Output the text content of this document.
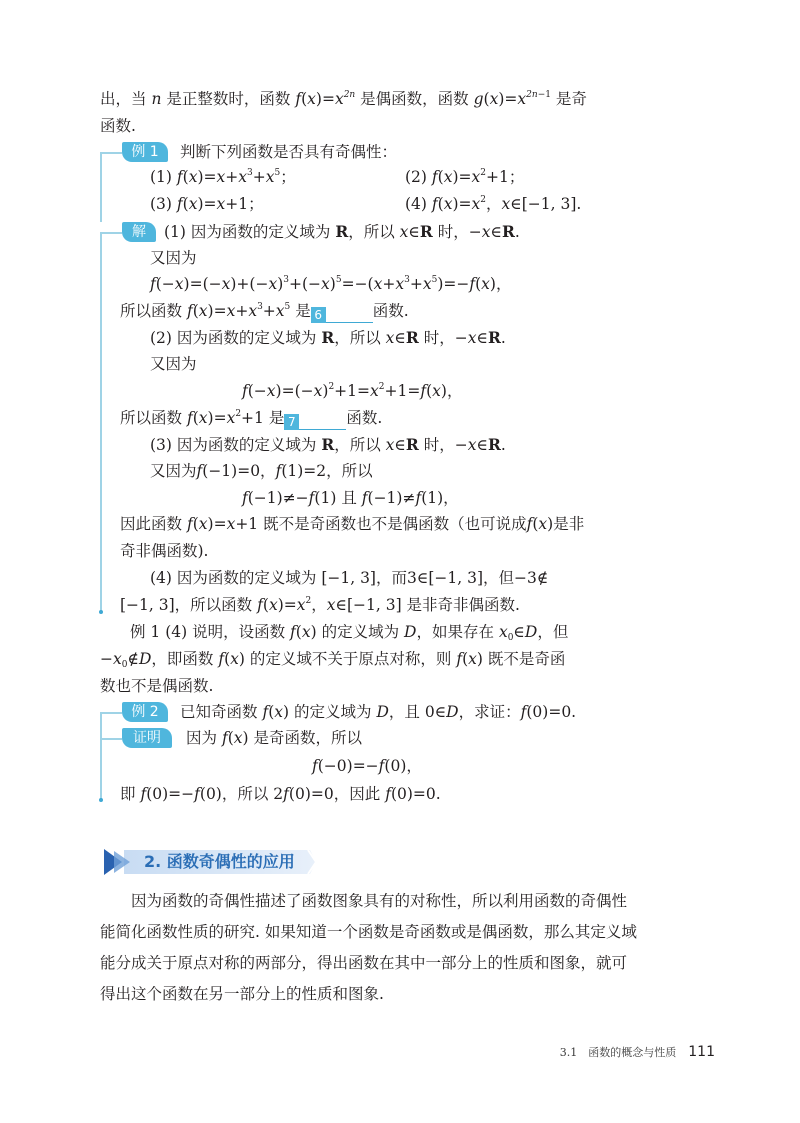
出，当 n 是正整数时，函数 $f(x)=x^{2n}$ 是偶函数，函数 $g(x)=x^{2n-1}$ 是奇
函数.
例 1	判断下列函数是否具有奇偶性：
(1) $f(x)=x+x^3+x^5$；	(2) $f(x)=x^2+1$；
(3) f(x)=x+1；	(4) $f(x)=x^2$，x∈[−1, 3].
解	(1) 因为函数的定义域为 R，所以 x∈R 时，−x∈R.
又因为
$f(-x)=(-x)+(-x)^3+(-x)^5=-(x+x^3+x^5)=-f(x)$，
所以函数 $f(x)=x+x^3+x^5$ 是 6	函数.
(2) 因为函数的定义域为 R，所以 x∈R 时，−x∈R.
又因为
$f(-x)=(-x)^2+1=x^2+1=f(x)$，
所以函数 $f(x)=x^2+1$ 是 7	函数.
(3) 因为函数的定义域为 R，所以 x∈R 时，−x∈R.
又因为f(−1)=0，f(1)=2，所以
f(−1)≠−f(1) 且 f(−1)≠f(1)，
因此函数 f(x)=x+1 既不是奇函数也不是偶函数（也可说成f(x)是非
奇非偶函数).
(4) 因为函数的定义域为 [−1, 3]，而3∈[−1, 3]，但−3∉
[−1, 3]，所以函数 $f(x)=x^2$，x∈[−1, 3] 是非奇非偶函数.
例 1 (4) 说明，设函数 f(x) 的定义域为 D，如果存在 $x_0\in D$，但
$-x_0\notin D$，即函数 f(x) 的定义域不关于原点对称，则 f(x) 既不是奇函
数也不是偶函数.
例 2	已知奇函数 f(x) 的定义域为 D，且 0∈D，求证：f(0)=0.
证明	因为 f(x) 是奇函数，所以
f(−0)=−f(0)，
即 f(0)=−f(0)，所以 2f(0)=0，因此 f(0)=0.
2. 函数奇偶性的应用
因为函数的奇偶性描述了函数图象具有的对称性，所以利用函数的奇偶性能简化函数性质的研究. 如果知道一个函数是奇函数或是偶函数，那么其定义域能分成关于原点对称的两部分，得出函数在其中一部分上的性质和图象，就可得出这个函数在另一部分上的性质和图象.
3.1　函数的概念与性质 111
